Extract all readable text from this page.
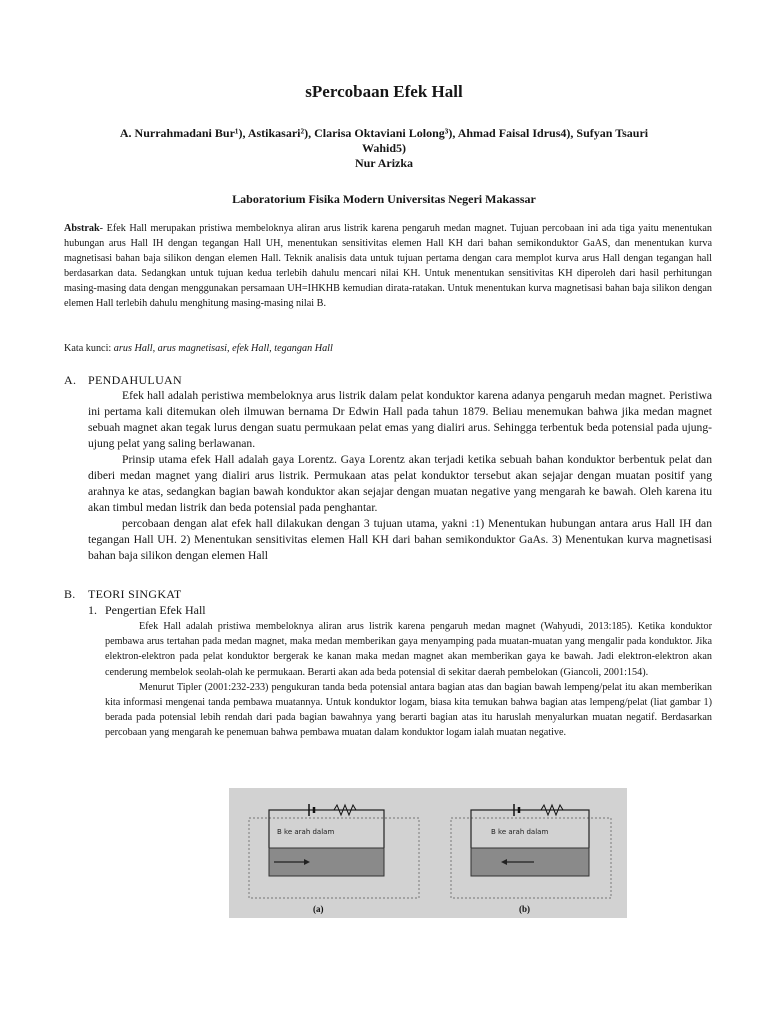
sPercobaan Efek Hall
A. Nurrahmadani Bur¹), Astikasari²), Clarisa Oktaviani Lolong³), Ahmad Faisal Idrus4), Sufyan Tsauri
Wahid5)
Nur Arizka
Laboratorium Fisika Modern Universitas Negeri Makassar
Abstrak- Efek Hall merupakan pristiwa membeloknya aliran arus listrik karena pengaruh medan magnet. Tujuan percobaan ini ada tiga yaitu menentukan hubungan arus Hall IH dengan tegangan Hall UH, menentukan sensitivitas elemen Hall KH dari bahan semikonduktor GaAS, dan menentukan kurva magnetisasi bahan baja silikon dengan elemen Hall. Teknik analisis data untuk tujuan pertama dengan cara memplot kurva arus Hall dengan tegangan hall berdasarkan data. Sedangkan untuk tujuan kedua terlebih dahulu mencari nilai KH. Untuk menentukan sensitivitas KH diperoleh dari hasil perhitungan masing-masing data dengan menggunakan persamaan UH=IHKHB kemudian dirata-ratakan. Untuk menentukan kurva magnetisasi bahan baja silikon dengan elemen Hall terlebih dahulu menghitung masing-masing nilai B.
Kata kunci: arus Hall, arus magnetisasi, efek Hall, tegangan Hall
A. PENDAHULUAN

Efek hall adalah peristiwa membeloknya arus listrik dalam pelat konduktor karena adanya pengaruh medan magnet. Peristiwa ini pertama kali ditemukan oleh ilmuwan bernama Dr Edwin Hall pada tahun 1879. Beliau menemukan bahwa jika medan magnet sebuah magnet akan tegak lurus dengan suatu permukaan pelat emas yang dialiri arus. Sehingga terbentuk beda potensial pada ujung-ujung pelat yang saling berlawanan.

Prinsip utama efek Hall adalah gaya Lorentz. Gaya Lorentz akan terjadi ketika sebuah bahan konduktor berbentuk pelat dan diberi medan magnet yang dialiri arus listrik. Permukaan atas pelat konduktor tersebut akan sejajar dengan muatan positif yang arahnya ke atas, sedangkan bagian bawah konduktor akan sejajar dengan muatan negative yang mengarah ke bawah. Oleh karena itu akan timbul medan listrik dan beda potensial pada penghantar.

percobaan dengan alat efek hall dilakukan dengan 3 tujuan utama, yakni :1) Menentukan hubungan antara arus Hall IH dan tegangan Hall UH. 2) Menentukan sensitivitas elemen Hall KH dari bahan semikonduktor GaAs. 3) Menentukan kurva magnetisasi bahan baja silikon dengan elemen Hall

B. TEORI SINGKAT
1. Pengertian Efek Hall

Efek Hall adalah pristiwa membeloknya aliran arus listrik karena pengaruh medan magnet (Wahyudi, 2013:185). Ketika konduktor pembawa arus tertahan pada medan magnet, maka medan memberikan gaya menyamping pada muatan-muatan yang mengalir pada konduktor. Jika elektron-elektron pada pelat konduktor bergerak ke kanan maka medan magnet akan memberikan gaya ke bawah. Jadi elektron-elektron akan cenderung membelok seolah-olah ke permukaan. Berarti akan ada beda potensial di sekitar daerah pembelokan (Giancoli, 2001:154).

Menurut Tipler (2001:232-233) pengukuran tanda beda potensial antara bagian atas dan bagian bawah lempeng/pelat itu akan memberikan kita informasi mengenai tanda pembawa muatannya. Untuk konduktor logam, biasa kita temukan bahwa bagian atas lempeng/pelat (liat gambar 1) berada pada potensial lebih rendah dari pada bagian bawahnya yang berarti bagian atas itu haruslah menyalurkan muatan negatif. Berdasarkan percobaan yang mengarah ke penemuan bahwa pembawa muatan dalam konduktor logam ialah muatan negative.

B ke arah dalam
(a)
B ke arah dalam
(b)
